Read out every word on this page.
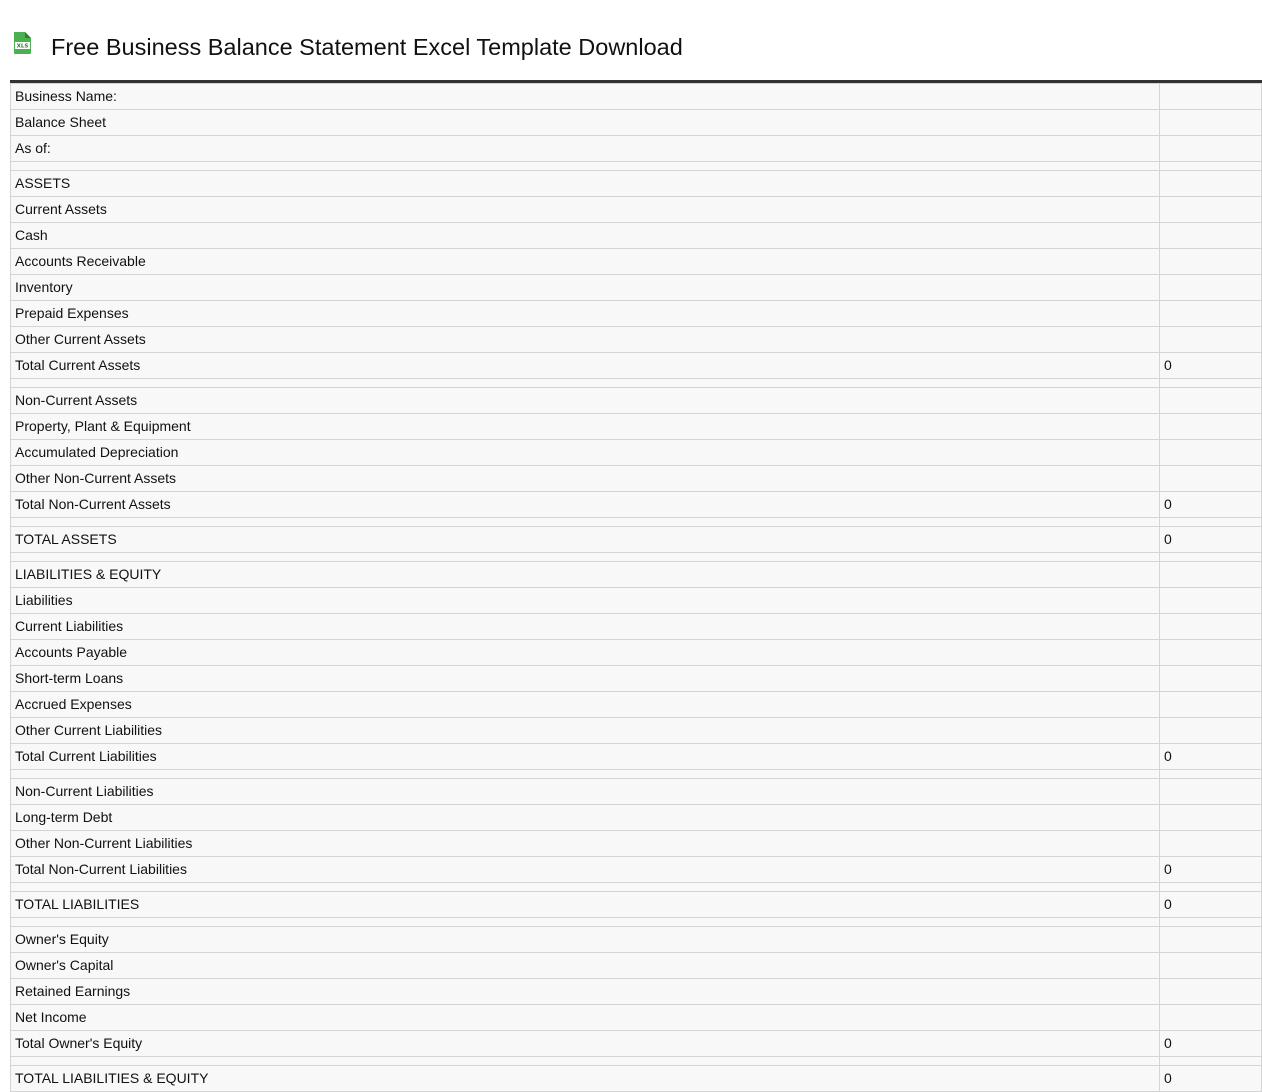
XLS Free Business Balance Statement Excel Template Download
Business Name:	
Balance Sheet	
As of:	

ASSETS	
Current Assets	
Cash	
Accounts Receivable	
Inventory	
Prepaid Expenses	
Other Current Assets	
Total Current Assets	0

Non-Current Assets	
Property, Plant & Equipment	
Accumulated Depreciation	
Other Non-Current Assets	
Total Non-Current Assets	0

TOTAL ASSETS	0

LIABILITIES & EQUITY	
Liabilities	
Current Liabilities	
Accounts Payable	
Short-term Loans	
Accrued Expenses	
Other Current Liabilities	
Total Current Liabilities	0

Non-Current Liabilities	
Long-term Debt	
Other Non-Current Liabilities	
Total Non-Current Liabilities	0

TOTAL LIABILITIES	0

Owner's Equity	
Owner's Capital	
Retained Earnings	
Net Income	
Total Owner's Equity	0

TOTAL LIABILITIES & EQUITY	0
